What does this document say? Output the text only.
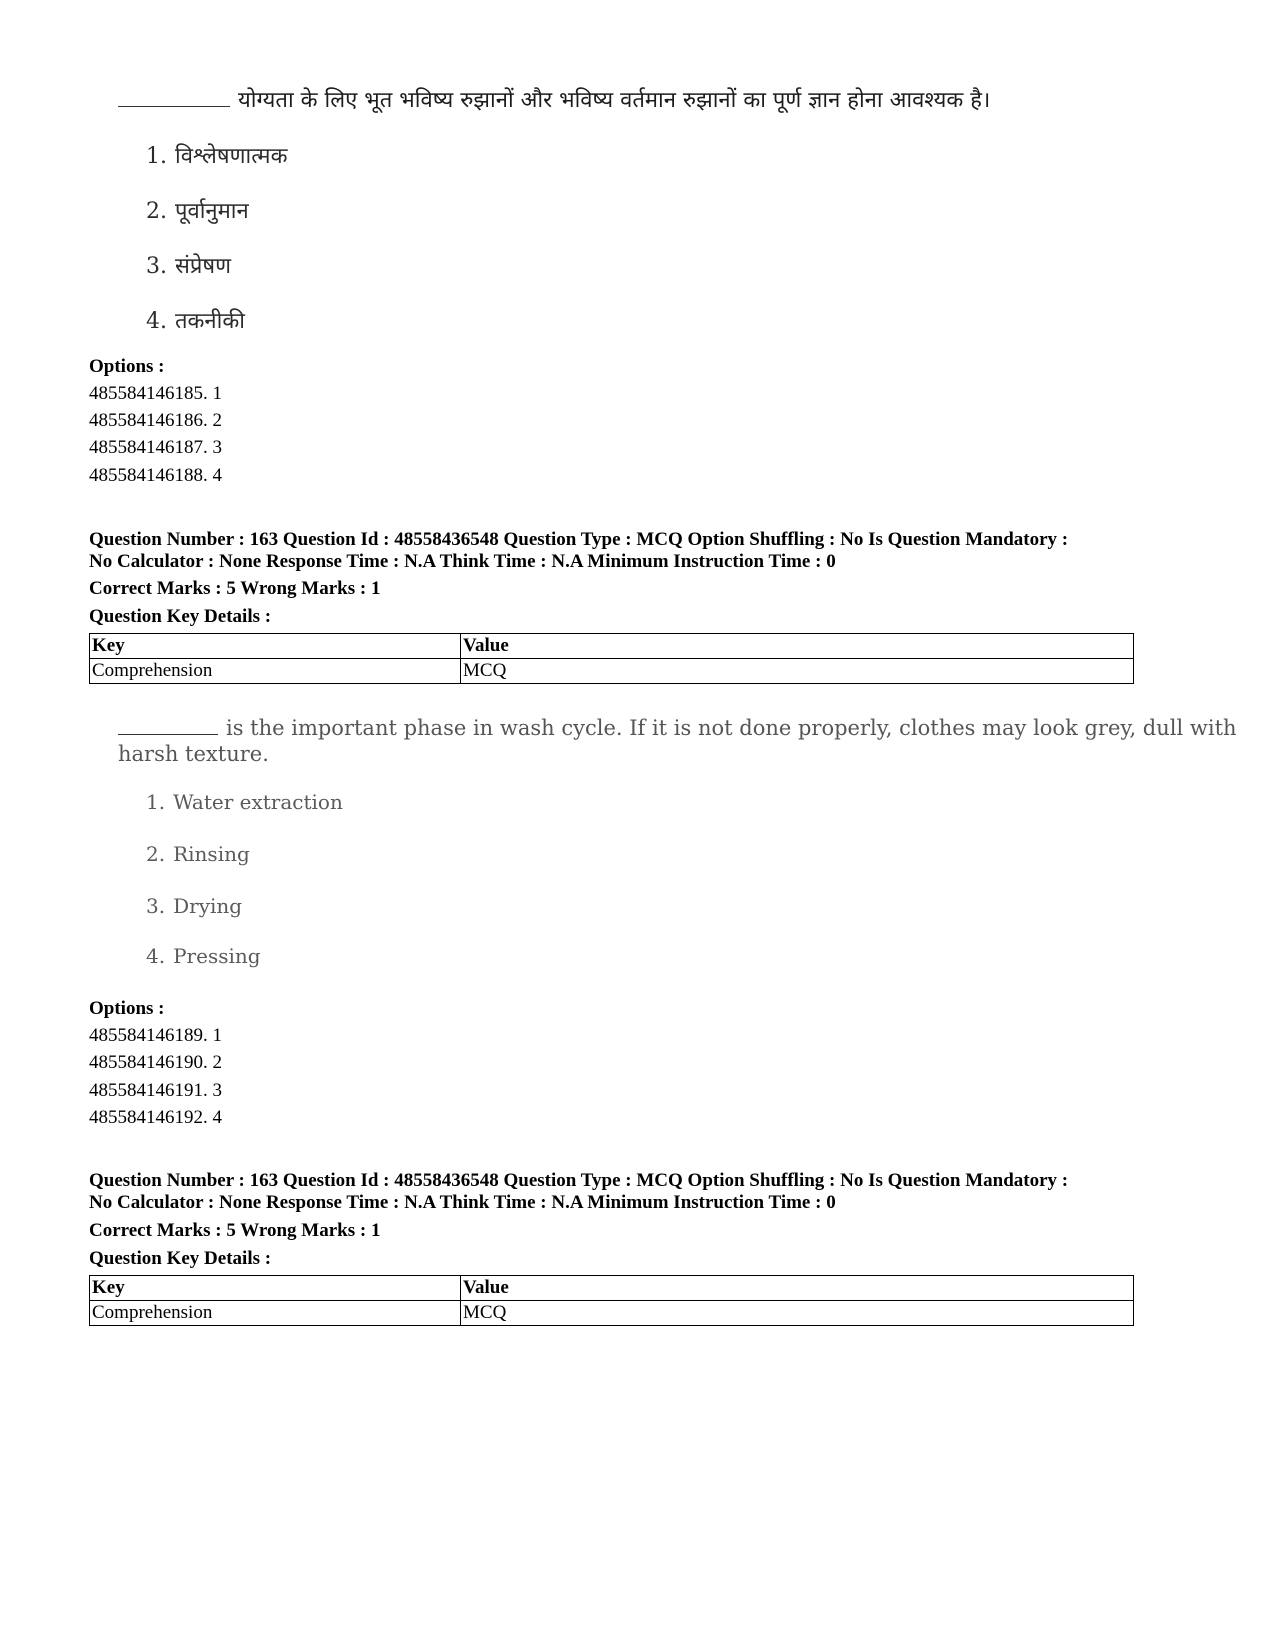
योग्यता के लिए भूत भविष्य रुझानों और भविष्य वर्तमान रुझानों का पूर्ण ज्ञान होना आवश्यक है।
1. विश्लेषणात्मक
2. पूर्वानुमान
3. संप्रेषण
4. तकनीकी
Options :
485584146185. 1
485584146186. 2
485584146187. 3
485584146188. 4
Question Number : 163 Question Id : 48558436548 Question Type : MCQ Option Shuffling : No Is Question Mandatory :
No Calculator : None Response Time : N.A Think Time : N.A Minimum Instruction Time : 0
Correct Marks : 5 Wrong Marks : 1
Question Key Details :
Key	Value
Comprehension	MCQ
is the important phase in wash cycle. If it is not done properly, clothes may look grey, dull with
harsh texture.
1. Water extraction
2. Rinsing
3. Drying
4. Pressing
Options :
485584146189. 1
485584146190. 2
485584146191. 3
485584146192. 4
Question Number : 163 Question Id : 48558436548 Question Type : MCQ Option Shuffling : No Is Question Mandatory :
No Calculator : None Response Time : N.A Think Time : N.A Minimum Instruction Time : 0
Correct Marks : 5 Wrong Marks : 1
Question Key Details :
Key	Value
Comprehension	MCQ
